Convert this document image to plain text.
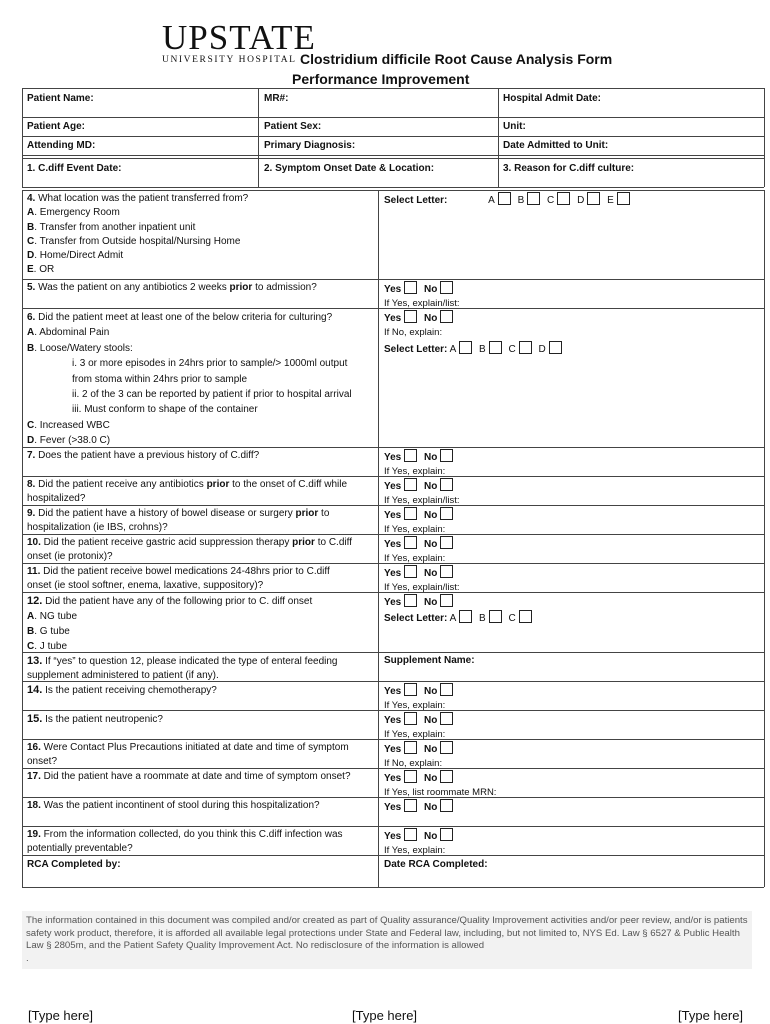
UPSTATE
UNIVERSITY HOSPITAL Clostridium difficile Root Cause Analysis Form
Performance Improvement
Patient Name:	MR#:	Hospital Admit Date:
Patient Age:	Patient Sex:	Unit:
Attending MD:	Primary Diagnosis:	Date Admitted to Unit:
1. C.diff Event Date:	2. Symptom Onset Date & Location:	3. Reason for C.diff culture:
4. What location was the patient transferred from?
A. Emergency Room
B. Transfer from another inpatient unit
C. Transfer from Outside hospital/Nursing Home
D. Home/Direct Admit
E. OR
Select Letter:	A B C D E
5. Was the patient on any antibiotics 2 weeks prior to admission?	Yes No
If Yes, explain/list:
6. Did the patient meet at least one of the below criteria for culturing?
A. Abdominal Pain
B. Loose/Watery stools:
i. 3 or more episodes in 24hrs prior to sample/> 1000ml output
from stoma within 24hrs prior to sample
ii. 2 of the 3 can be reported by patient if prior to hospital arrival
iii. Must conform to shape of the container
C. Increased WBC
D. Fever (>38.0 C)
Yes No
If No, explain:
Select Letter: A B C D
7. Does the patient have a previous history of C.diff?	Yes No
If Yes, explain:
8. Did the patient receive any antibiotics prior to the onset of C.diff while
hospitalized?
Yes No
If Yes, explain/list:
9. Did the patient have a history of bowel disease or surgery prior to
hospitalization (ie IBS, crohns)?
Yes No
If Yes, explain:
10. Did the patient receive gastric acid suppression therapy prior to C.diff
onset (ie protonix)?
Yes No
If Yes, explain:
11. Did the patient receive bowel medications 24-48hrs prior to C.diff
onset (ie stool softner, enema, laxative, suppository)?
Yes No
If Yes, explain/list:
12. Did the patient have any of the following prior to C. diff onset
A. NG tube
B. G tube
C. J tube
Yes No
Select Letter: A B C
13. If “yes” to question 12, please indicated the type of enteral feeding
supplement administered to patient (if any).
Supplement Name:
14. Is the patient receiving chemotherapy?	Yes No
If Yes, explain:
15. Is the patient neutropenic?	Yes No
If Yes, explain:
16. Were Contact Plus Precautions initiated at date and time of symptom
onset?
Yes No
If No, explain:
17. Did the patient have a roommate at date and time of symptom onset?	Yes No
If Yes, list roommate MRN:
18. Was the patient incontinent of stool during this hospitalization?	Yes No
19. From the information collected, do you think this C.diff infection was
potentially preventable?
Yes No
If Yes, explain:
RCA Completed by:	Date RCA Completed:
The information contained in this document was compiled and/or created as part of Quality assurance/Quality Improvement activities and/or peer review, and/or is patients safety work product, therefore, it is afforded all available legal protections under State and Federal law, including, but not limited to, NYS Ed. Law § 6527 & Public Health Law § 2805m, and the Patient Safety Quality Improvement Act. No redisclosure of the information is allowed
.
[Type here]	[Type here]	[Type here]
